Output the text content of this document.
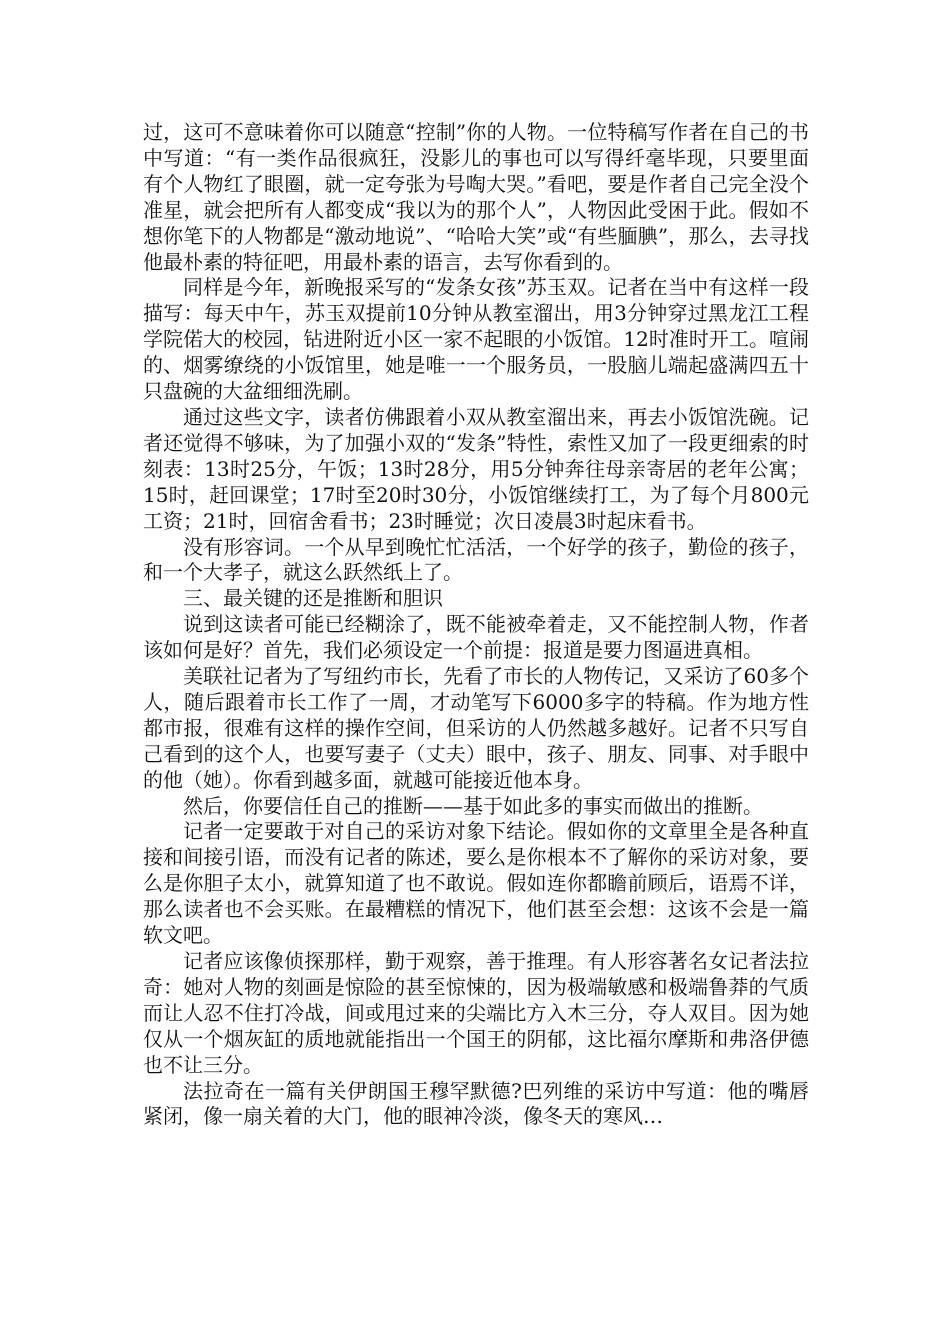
过，这可不意味着你可以随意“控制”你的人物。一位特稿写作者在自己的书中写道：“有一类作品很疯狂，没影儿的事也可以写得纤毫毕现，只要里面有个人物红了眼圈，就一定夸张为号啕大哭。”看吧，要是作者自己完全没个准星，就会把所有人都变成“我以为的那个人”，人物因此受困于此。假如不想你笔下的人物都是“激动地说”、“哈哈大笑”或“有些腼腆”，那么，去寻找他最朴素的特征吧，用最朴素的语言，去写你看到的。

同样是今年，新晚报采写的“发条女孩”苏玉双。记者在当中有这样一段描写：每天中午，苏玉双提前10分钟从教室溜出，用3分钟穿过黑龙江工程学院偌大的校园，钻进附近小区一家不起眼的小饭馆。12时准时开工。喧闹的、烟雾缭绕的小饭馆里，她是唯一一个服务员，一股脑儿端起盛满四五十只盘碗的大盆细细洗刷。

通过这些文字，读者仿佛跟着小双从教室溜出来，再去小饭馆洗碗。记者还觉得不够味，为了加强小双的“发条”特性，索性又加了一段更细索的时刻表：13时25分，午饭；13时28分，用5分钟奔往母亲寄居的老年公寓；15时，赶回课堂；17时至20时30分，小饭馆继续打工，为了每个月800元工资；21时，回宿舍看书；23时睡觉；次日凌晨3时起床看书。

没有形容词。一个从早到晚忙忙活活，一个好学的孩子，勤俭的孩子，和一个大孝子，就这么跃然纸上了。

三、最关键的还是推断和胆识

说到这读者可能已经糊涂了，既不能被牵着走，又不能控制人物，作者该如何是好？首先，我们必须设定一个前提：报道是要力图逼进真相。

美联社记者为了写纽约市长，先看了市长的人物传记，又采访了60多个人，随后跟着市长工作了一周，才动笔写下6000多字的特稿。作为地方性都市报，很难有这样的操作空间，但采访的人仍然越多越好。记者不只写自己看到的这个人，也要写妻子（丈夫）眼中，孩子、朋友、同事、对手眼中的他（她）。你看到越多面，就越可能接近他本身。

然后，你要信任自己的推断——基于如此多的事实而做出的推断。

记者一定要敢于对自己的采访对象下结论。假如你的文章里全是各种直接和间接引语，而没有记者的陈述，要么是你根本不了解你的采访对象，要么是你胆子太小，就算知道了也不敢说。假如连你都瞻前顾后，语焉不详，那么读者也不会买账。在最糟糕的情况下，他们甚至会想：这该不会是一篇软文吧。

记者应该像侦探那样，勤于观察，善于推理。有人形容著名女记者法拉奇：她对人物的刻画是惊险的甚至惊悚的，因为极端敏感和极端鲁莽的气质而让人忍不住打冷战，间或甩过来的尖端比方入木三分，夺人双目。因为她仅从一个烟灰缸的质地就能指出一个国王的阴郁，这比福尔摩斯和弗洛伊德也不让三分。

法拉奇在一篇有关伊朗国王穆罕默德?巴列维的采访中写道：他的嘴唇紧闭，像一扇关着的大门，他的眼神冷淡，像冬天的寒风…
